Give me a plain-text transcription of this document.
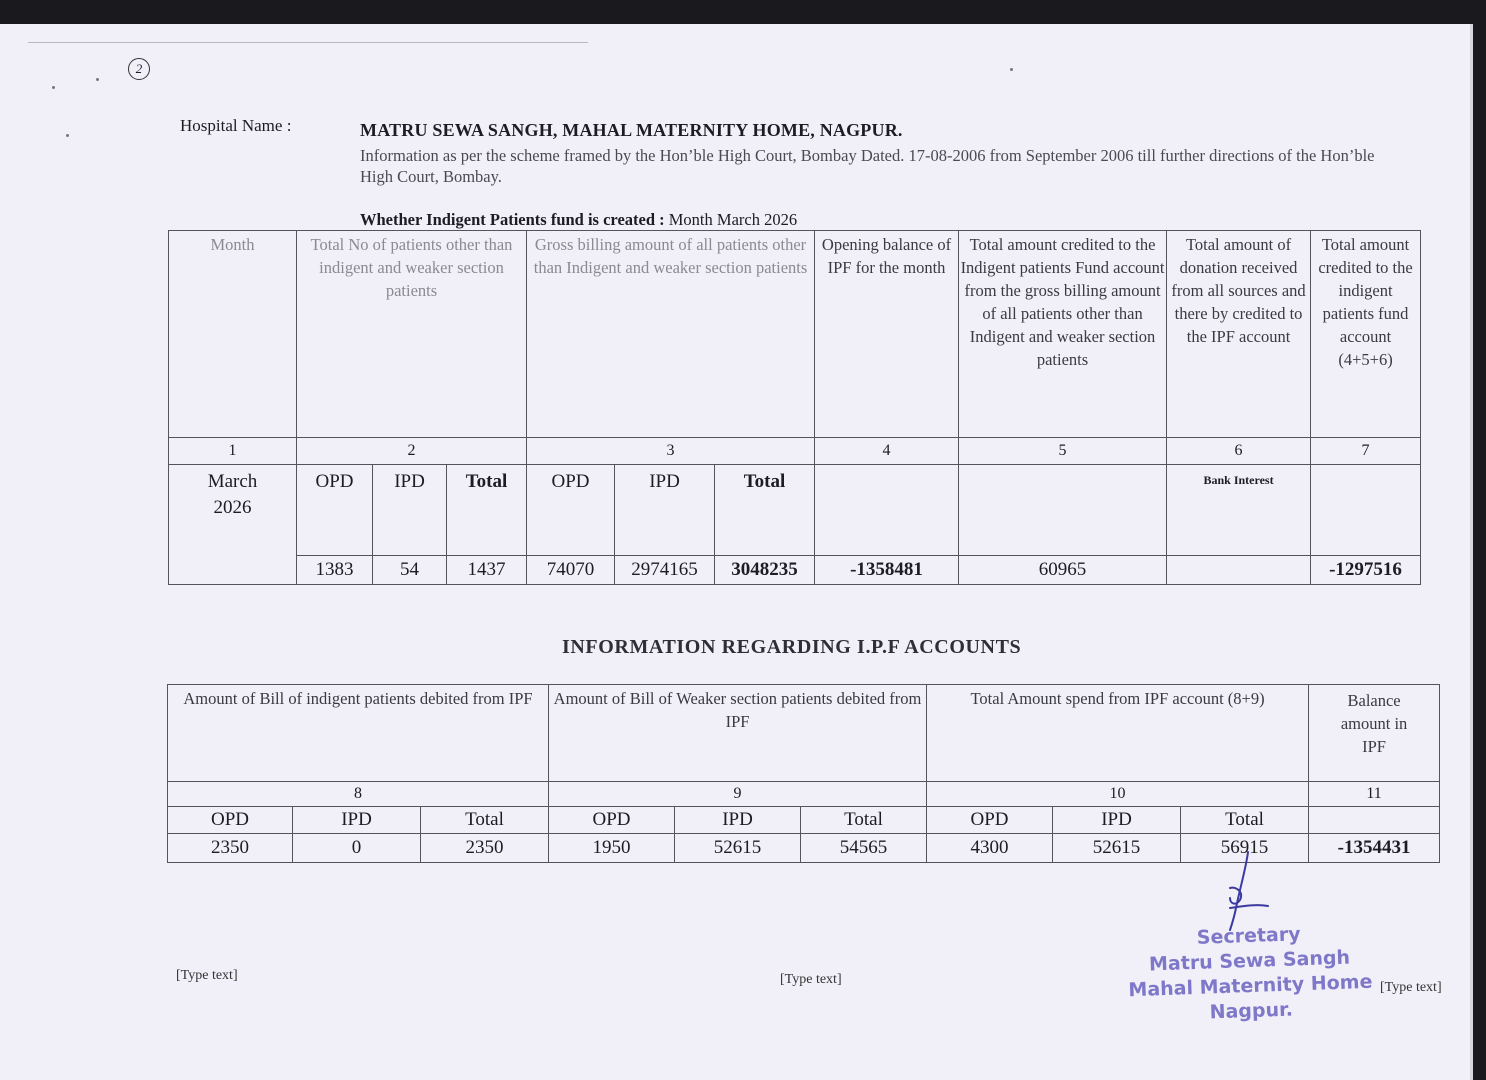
2
Hospital Name :	MATRU SEWA SANGH, MAHAL MATERNITY HOME, NAGPUR.
Information as per the scheme framed by the Hon’ble High Court, Bombay Dated. 17-08-2006 from September 2006 till further directions of the Hon’ble High Court, Bombay.
Whether Indigent Patients fund is created : Month March 2026
Month	Total No of patients other than indigent and weaker section patients			Gross billing amount of all patients other than Indigent and weaker section patients			Opening balance of IPF for the month	Total amount credited to the Indigent patients Fund account from the gross billing amount of all patients other than Indigent and weaker section patients	Total amount of donation received from all sources and there by credited to the IPF account	Total amount credited to the indigent patients fund account (4+5+6)
1	2			3			4	5	6	7
March 2026	OPD	IPD	Total	OPD	IPD	Total			Bank Interest	
	1383	54	1437	74070	2974165	3048235	-1358481	60965		-1297516
INFORMATION REGARDING I.P.F ACCOUNTS
Amount of Bill of indigent patients debited from IPF			Amount of Bill of Weaker section patients debited from IPF			Total Amount spend from IPF account (8+9)			Balance amount in IPF
8			9			10			11
OPD	IPD	Total	OPD	IPD	Total	OPD	IPD	Total	
2350	0	2350	1950	52615	54565	4300	52615	56915	-1354431
[Type text]	[Type text]
[Type text]
Secretary
Matru Sewa Sangh
Mahal Maternity Home
Nagpur.
